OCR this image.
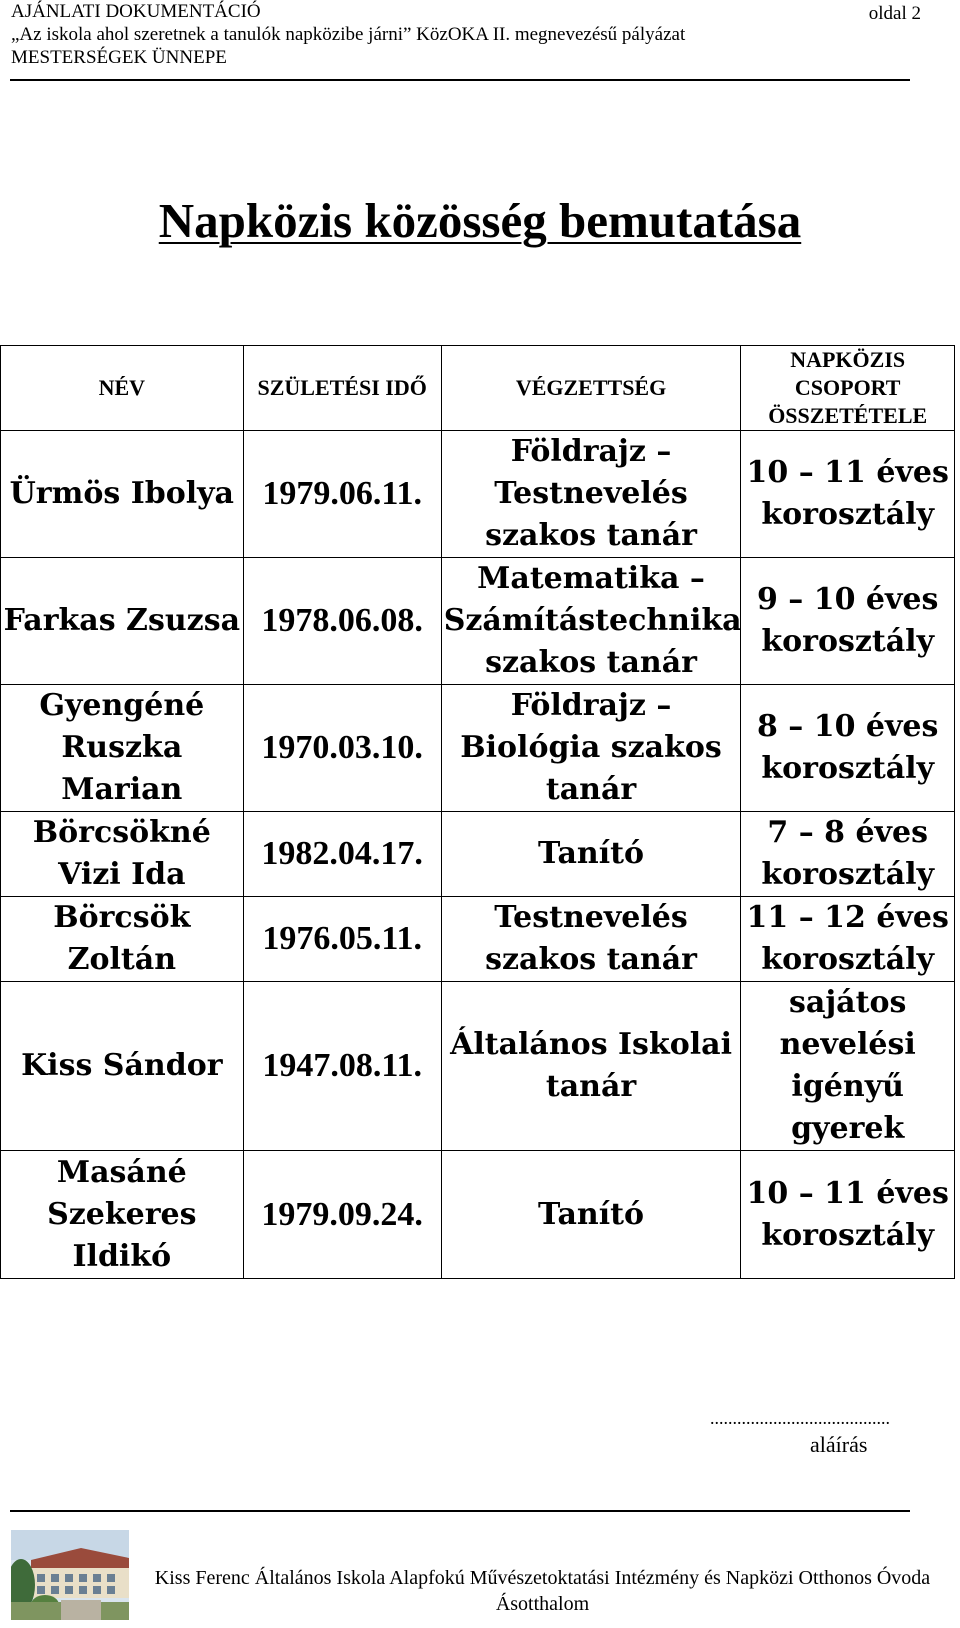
AJÁNLATI DOKUMENTÁCIÓ
„Az iskola ahol szeretnek a tanulók napközibe járni” KözOKA II. megnevezésű pályázat
MESTERSÉGEK ÜNNEPE
oldal 2
Napközis közösség bemutatása
NÉV	SZÜLETÉSI IDŐ	VÉGZETTSÉG	NAPKÖZIS CSOPORT ÖSSZETÉTELE
Ürmös Ibolya	1979.06.11.	Földrajz – Testnevelés szakos tanár	10 – 11 éves korosztály
Farkas Zsuzsa	1978.06.08.	Matematika – Számítástechnika szakos tanár	9 – 10 éves korosztály
Gyengéné Ruszka Marian	1970.03.10.	Földrajz – Biológia szakos tanár	8 – 10 éves korosztály
Börcsökné Vizi Ida	1982.04.17.	Tanító	7 – 8 éves korosztály
Börcsök Zoltán	1976.05.11.	Testnevelés szakos tanár	11 – 12 éves korosztály
Kiss Sándor	1947.08.11.	Általános Iskolai tanár	sajátos nevelési igényű gyerek
Masáné Szekeres Ildikó	1979.09.24.	Tanító	10 – 11 éves korosztály
........................................
aláírás
Kiss Ferenc Általános Iskola Alapfokú Művészetoktatási Intézmény és Napközi Otthonos Óvoda
Ásotthalom
